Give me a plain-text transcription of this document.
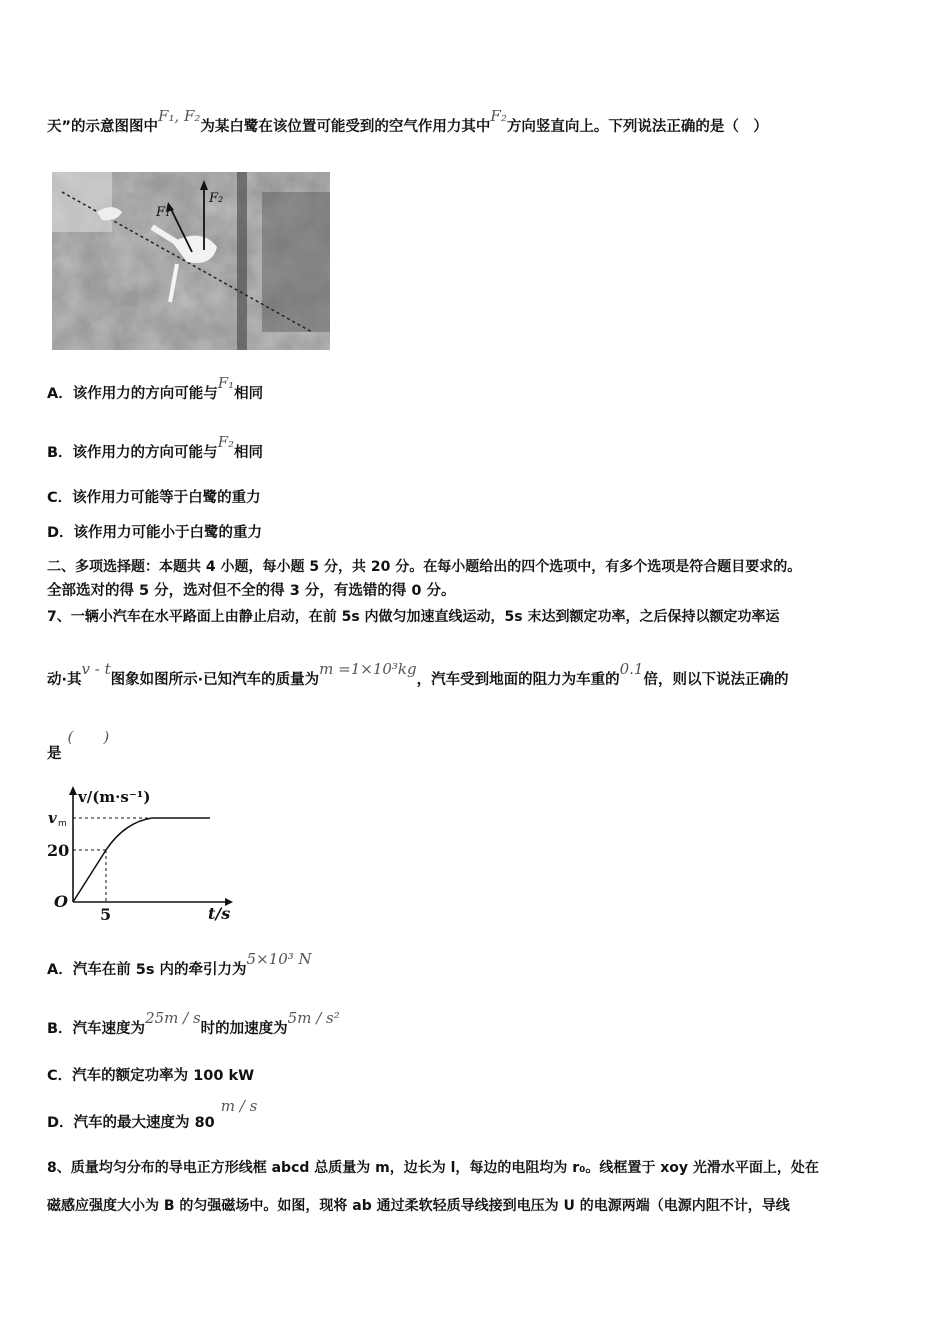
天”的示意图图中F₁, F₂为某白鹭在该位置可能受到的空气作用力其中F₂方向竖直向上。下列说法正确的是（　）
F₂
F₁
A．该作用力的方向可能与F₁相同
B．该作用力的方向可能与F₂相同
C．该作用力可能等于白鹭的重力
D．该作用力可能小于白鹭的重力
二、多项选择题：本题共 4 小题，每小题 5 分，共 20 分。在每小题给出的四个选项中，有多个选项是符合题目要求的。
全部选对的得 5 分，选对但不全的得 3 分，有选错的得 0 分。
7、一辆小汽车在水平路面上由静止启动，在前 5s 内做匀加速直线运动，5s 末达到额定功率，之后保持以额定功率运
动·其v - t图象如图所示·已知汽车的质量为m =1×10³kg，汽车受到地面的阻力为车重的0.1倍，则以下说法正确的
是(　　)
v/(m·s⁻¹)
t/s
v m
20
O
5
A．汽车在前 5s 内的牵引力为5×10³ N
B．汽车速度为25m / s时的加速度为5m / s²
C．汽车的额定功率为 100 kW
D．汽车的最大速度为 80m / s
8、质量均匀分布的导电正方形线框 abcd 总质量为 m，边长为 l，每边的电阻均为 r₀。线框置于 xoy 光滑水平面上，处在
磁感应强度大小为 B 的匀强磁场中。如图，现将 ab 通过柔软轻质导线接到电压为 U 的电源两端（电源内阻不计，导线
